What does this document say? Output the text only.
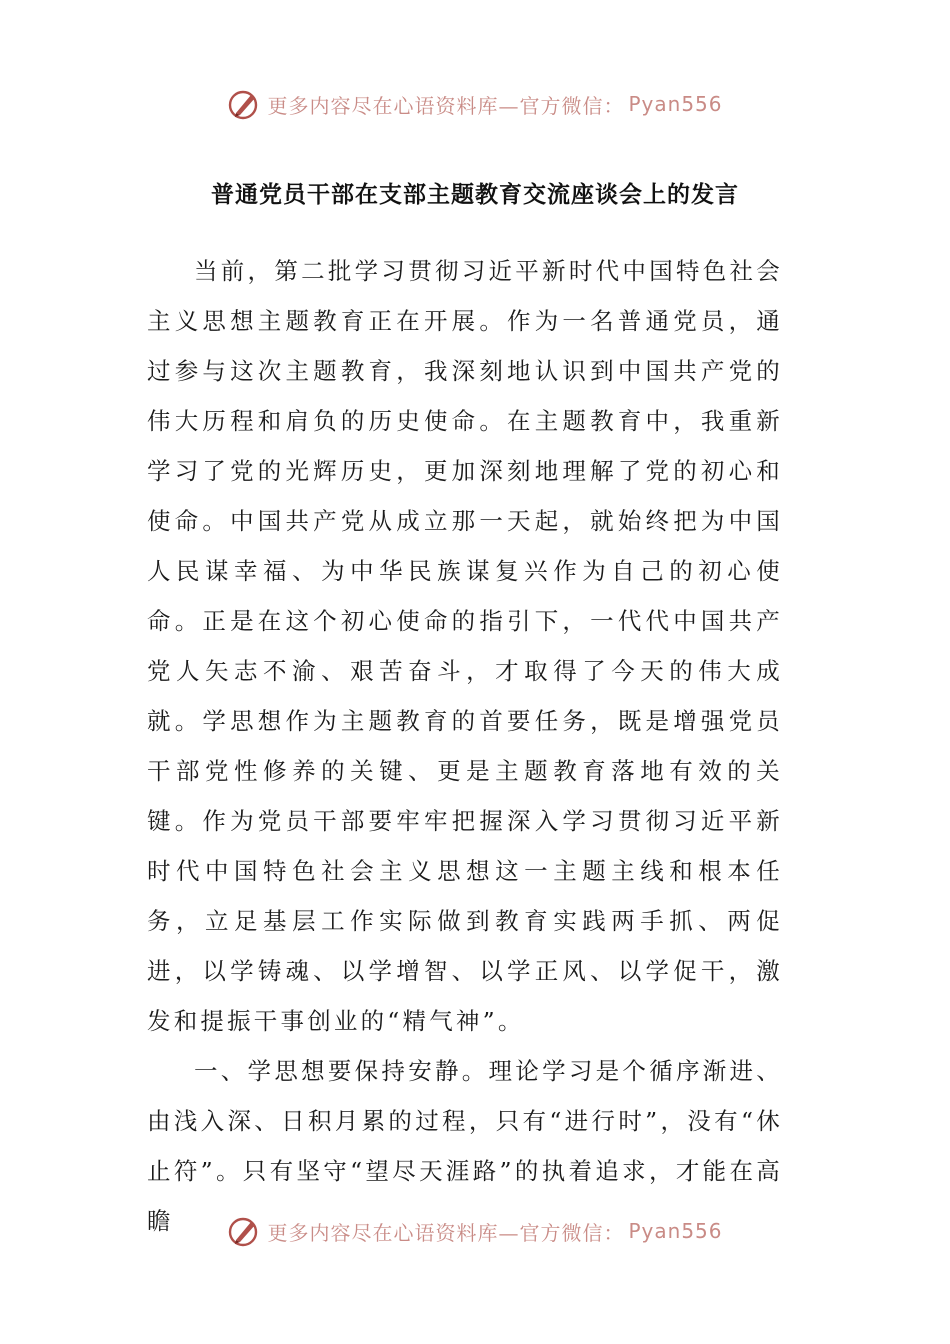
更多内容尽在心语资料库—官方微信： Pyan556
普通党员干部在支部主题教育交流座谈会上的发言

当前，第二批学习贯彻习近平新时代中国特色社会主义思想主题教育正在开展。作为一名普通党员，通过参与这次主题教育，我深刻地认识到中国共产党的伟大历程和肩负的历史使命。在主题教育中，我重新学习了党的光辉历史，更加深刻地理解了党的初心和使命。中国共产党从成立那一天起，就始终把为中国人民谋幸福、为中华民族谋复兴作为自己的初心使命。正是在这个初心使命的指引下，一代代中国共产党人矢志不渝、艰苦奋斗，才取得了今天的伟大成就。学思想作为主题教育的首要任务，既是增强党员干部党性修养的关键、更是主题教育落地有效的关键。作为党员干部要牢牢把握深入学习贯彻习近平新时代中国特色社会主义思想这一主题主线和根本任务，立足基层工作实际做到教育实践两手抓、两促进，以学铸魂、以学增智、以学正风、以学促干，激发和提振干事创业的“精气神”。

一、学思想要保持安静。理论学习是个循序渐进、由浅入深、日积月累的过程，只有“进行时”，没有“休止符”。只有坚守“望尽天涯路”的执着追求，才能在高瞻	更多内容尽在心语资料库—官方微信： Pyan556
